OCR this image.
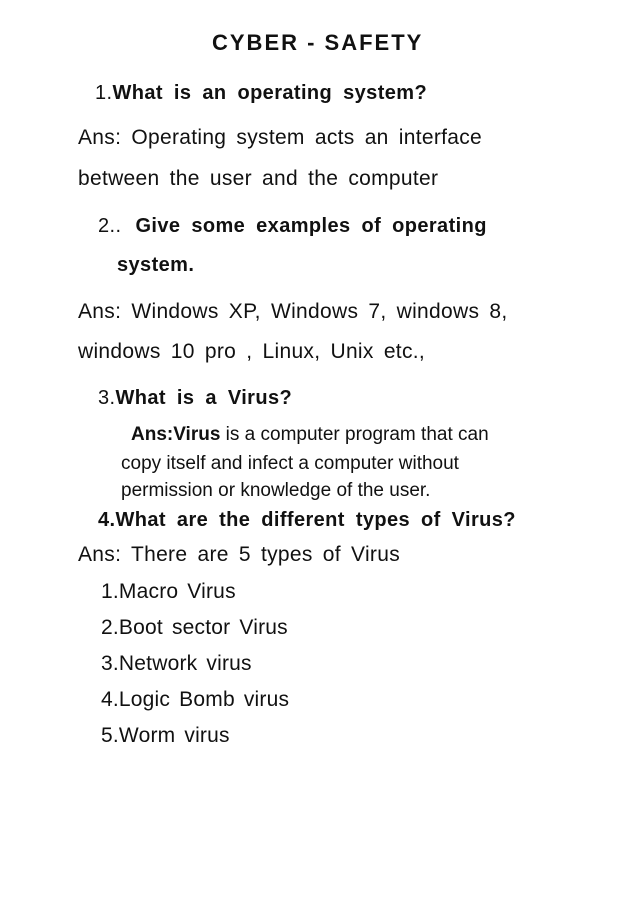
CYBER - SAFETY
1.What is an operating system?
Ans: Operating system acts an interface
between the user and the computer
2.. Give some examples of operating
system.
Ans: Windows XP, Windows 7, windows 8,
windows 10 pro , Linux, Unix etc.,
3.What is a Virus?
Ans:Virus is a computer program that can
copy itself and infect a computer without
permission or knowledge of the user.
4.What are the different types of Virus?
Ans: There are 5 types of Virus
1.Macro Virus
2.Boot sector Virus
3.Network virus
4.Logic Bomb virus
5.Worm virus
